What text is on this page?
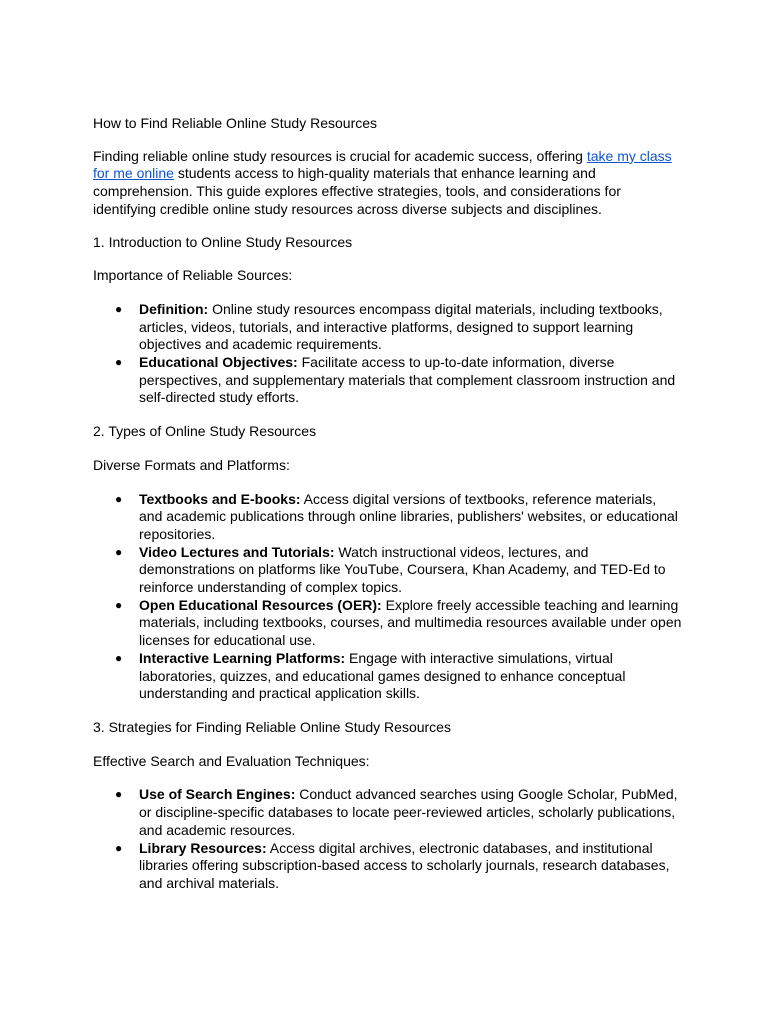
How to Find Reliable Online Study Resources

Finding reliable online study resources is crucial for academic success, offering take my class for me online students access to high-quality materials that enhance learning and comprehension. This guide explores effective strategies, tools, and considerations for identifying credible online study resources across diverse subjects and disciplines.

1. Introduction to Online Study Resources

Importance of Reliable Sources:

● Definition: Online study resources encompass digital materials, including textbooks, articles, videos, tutorials, and interactive platforms, designed to support learning objectives and academic requirements.
● Educational Objectives: Facilitate access to up-to-date information, diverse perspectives, and supplementary materials that complement classroom instruction and self-directed study efforts.

2. Types of Online Study Resources

Diverse Formats and Platforms:

● Textbooks and E-books: Access digital versions of textbooks, reference materials, and academic publications through online libraries, publishers' websites, or educational repositories.
● Video Lectures and Tutorials: Watch instructional videos, lectures, and demonstrations on platforms like YouTube, Coursera, Khan Academy, and TED-Ed to reinforce understanding of complex topics.
● Open Educational Resources (OER): Explore freely accessible teaching and learning materials, including textbooks, courses, and multimedia resources available under open licenses for educational use.
● Interactive Learning Platforms: Engage with interactive simulations, virtual laboratories, quizzes, and educational games designed to enhance conceptual understanding and practical application skills.

3. Strategies for Finding Reliable Online Study Resources

Effective Search and Evaluation Techniques:

● Use of Search Engines: Conduct advanced searches using Google Scholar, PubMed, or discipline-specific databases to locate peer-reviewed articles, scholarly publications, and academic resources.
● Library Resources: Access digital archives, electronic databases, and institutional libraries offering subscription-based access to scholarly journals, research databases, and archival materials.
